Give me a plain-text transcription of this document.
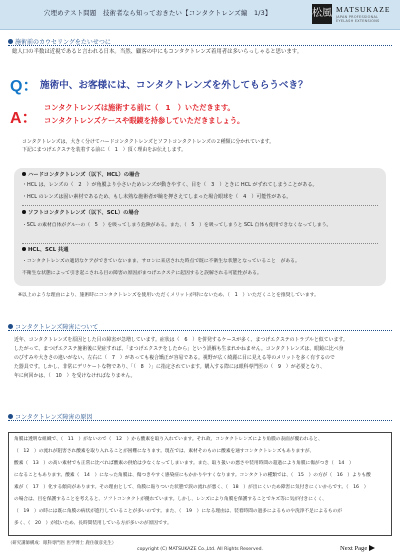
穴埋めテスト問題　技術者なら知っておきたい【コンタクトレンズ編　1/3】	松風 MATSUKAZE
JAPAN PROFESSIONAL
EYELASH EXTENSIONS
施術前のカウセリングをたいせつに
総人口の半数は近視であると言われる日本。当然、顧客の中にもコンタクトレンズ着用者は多いらっしゃると思います。
Q： 施術中、お客様には、コンタクトレンズを外してもらうべき？
A：
コンタクトレンズは施術する前に（　1　）いただきます。
コンタクトレンズケースや眼鏡を持参していただきましょう。
コンタクトレンズは、大きく分けてハードコンタクトレンズとソフトコンタクトレンズの２種類に分かれています。
下記にまつげエクステを装着する前に（　1　）頂く理由をお伝えします。
ハードコンタクトレンズ（以下、HCL）の場合
・HCL は、レンズの（　2　）が角膜より小さいためレンズが動きやすく、目を（　3　）ときに HCL がずれてしまうことがある。
・HCL のレンズは固い素材であるため、もし未熟な施術者が瞼を押さえてしまった場合眼球を（　4　）可能性がある。
ソフトコンタクトレンズ（以下、SCL）の場合
・SCL の素材自体がグルーの（　5　）を吸ってしまう危険がある。また、（　5　）を吸ってしまうと SCL 自体も使用できなくなってしまう。
HCL、SCL 共通
・コンタクトレンズの適切なケアができていないまま、サロンに来店された時点で既に不衛生な状態となっていること　がある。
不衛生な状態によって引き起こされる目の障害の原因がまつげエクステに起因すると誤解される可能性がある。
※以上のような理由により、施術時にコンタクトレンズを使用いただくメリットが特にないため、（　1　）いただくことを推奨しています。
コンタクトレンズ障害について
近年、コンタクトレンズを原因とした目の障害が急増しています。症状は（　6　）を併発するケースが多く、まつげエクステのトラブルと似ています。
したがって、まつげエクステ施術後に発症すれば、「まつげエクステをしたから」という誤解も生まれかねません。コンタクトレンズは、眼鏡に比べ身
のびすみや大きさの違いがない、左右に（　7　）があっても複合矯正が容易である。視野が広く綺麗に目に見える等のメリットを多く有するので
た器具です。しかし、非常にデリケートな物であり、「（　8　）」に指定されています。購入する際には眼科専門医の（　9　）が必要となり、
年に何回かは、（　10　）を受けなければなりません。
コンタクトレンズ障害の原因
角膜は透明な組織で、（　11　）がないので（　12　）から酸素を取り入れています。それ故、コンタクトレンズにより角膜の表面が覆われると、
（　12　）の流れが阻害され酸素を取り入れることが困難になります。現在では、素材そのものに酸素を通すコンタクトレンズもありますが、
酸素（　13　）の高い素材でも正常に比べれば酸素の供給は少なくなってしまいます。また、取り扱いの悪さや装用時間の超過により角膜に傷がつき（　14　）
になることもあります。酸素（　14　）になった角膜は、傷つきやすく感染症にもかかりやすくなります。コンタクトの種類では、（　15　）の方が（　16　）よりも酸
素が（　17　）化する傾向があります。その理由として、角膜に貼りついた状態で涙の流れが悪く、（　18　）が出にくいため障害に気付きにくいからです。（　16　）
の場合は、目を保護することを考えると、ソフトコンタクトが優れています。しかし、レンズにより角膜を保護することでキズ等に気が付きにくく、
（　19　）の時には既に角膜の病状が進行していることが多いのです。また、（　19　）になる理由は、装着時間の過多によるものや洗浄不足によるものが
多く、（　20　）が低いため、長時間装用している方が多いのが原因です。
（研究講師構成：眼科専門医 医学博士 鹿住敏彦先生）
copyright (C) MATSUKAZE Co.,Ltd. All Rights Reserved.	Next Page
